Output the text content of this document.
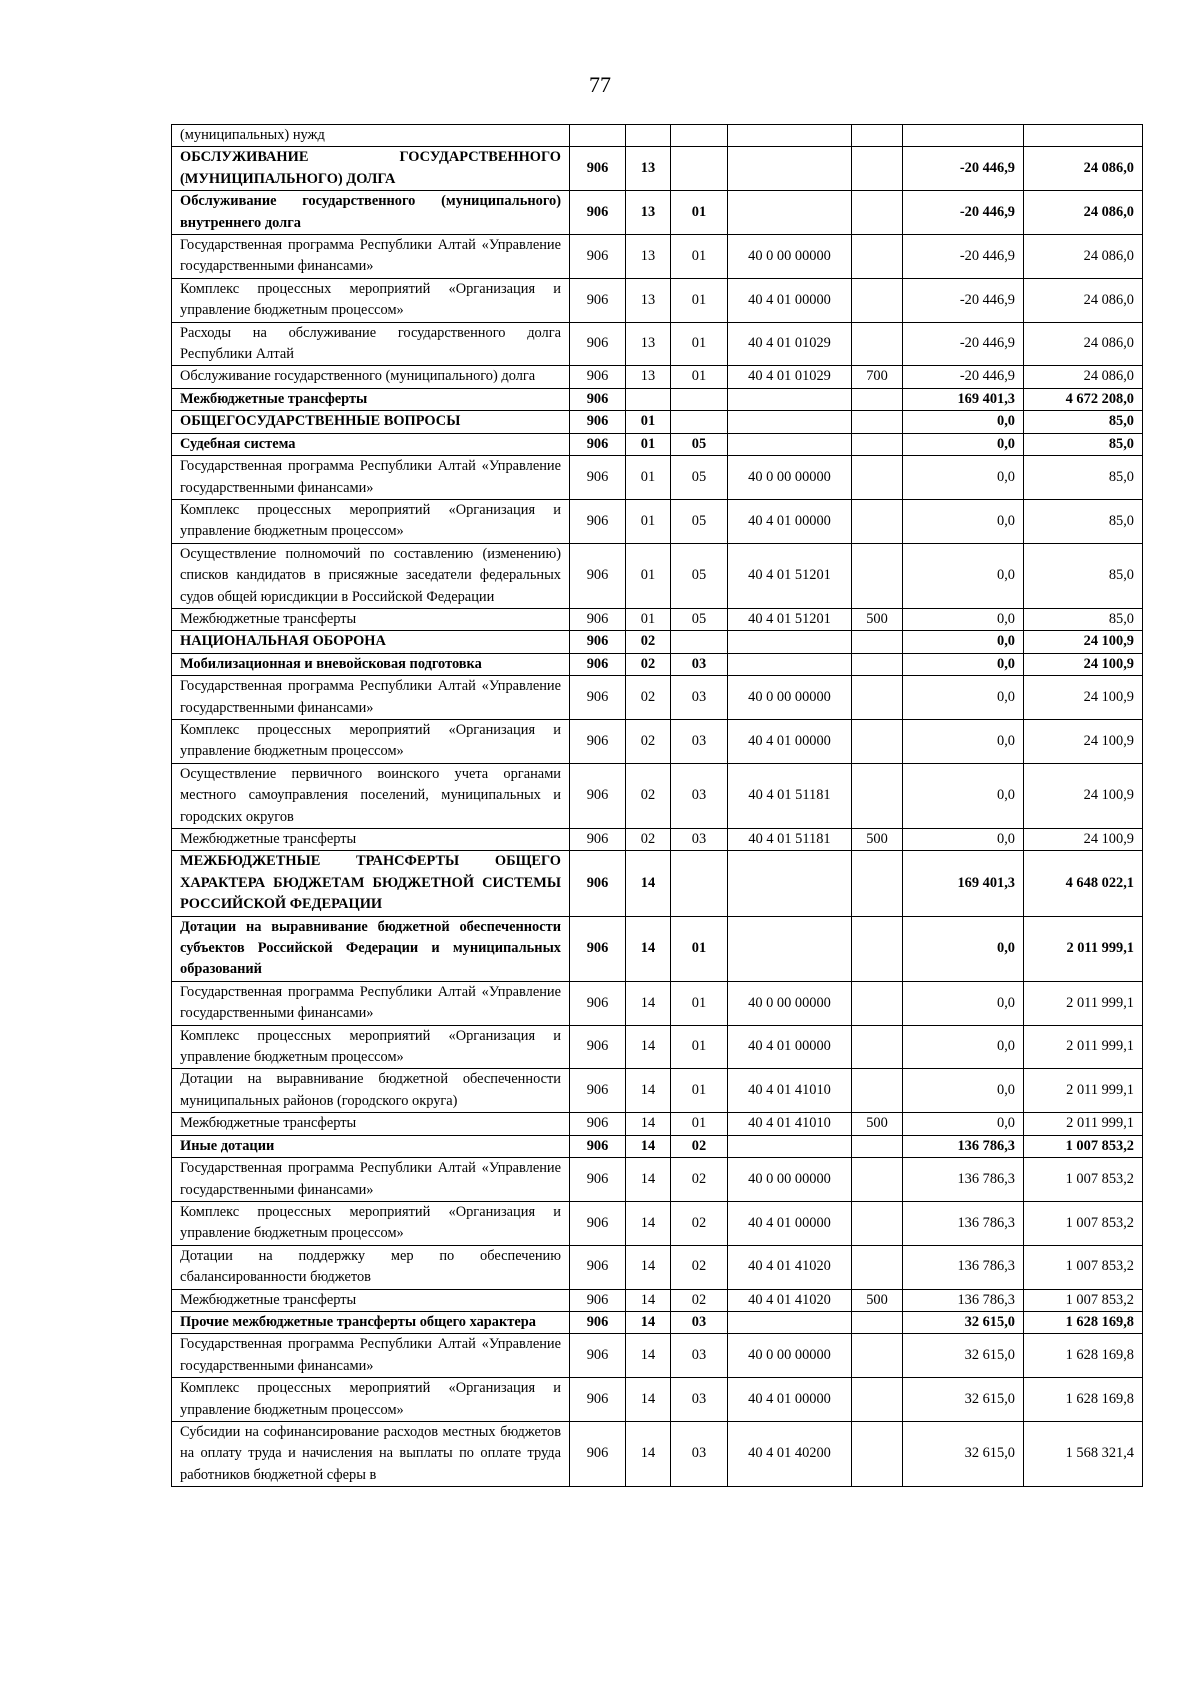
77
(муниципальных) нужд							
ОБСЛУЖИВАНИЕ ГОСУДАРСТВЕННОГО (МУНИЦИПАЛЬНОГО) ДОЛГА	906	13				-20 446,9	24 086,0
Обслуживание государственного (муниципального) внутреннего долга	906	13	01			-20 446,9	24 086,0
Государственная программа Республики Алтай «Управление государственными финансами»	906	13	01	40 0 00 00000		-20 446,9	24 086,0
Комплекс процессных мероприятий «Организация и управление бюджетным процессом»	906	13	01	40 4 01 00000		-20 446,9	24 086,0
Расходы на обслуживание государственного долга Республики Алтай	906	13	01	40 4 01 01029		-20 446,9	24 086,0
Обслуживание государственного (муниципального) долга	906	13	01	40 4 01 01029	700	-20 446,9	24 086,0
Межбюджетные трансферты	906					169 401,3	4 672 208,0
ОБЩЕГОСУДАРСТВЕННЫЕ ВОПРОСЫ	906	01				0,0	85,0
Судебная система	906	01	05			0,0	85,0
Государственная программа Республики Алтай «Управление государственными финансами»	906	01	05	40 0 00 00000		0,0	85,0
Комплекс процессных мероприятий «Организация и управление бюджетным процессом»	906	01	05	40 4 01 00000		0,0	85,0
Осуществление полномочий по составлению (изменению) списков кандидатов в присяжные заседатели федеральных судов общей юрисдикции в Российской Федерации	906	01	05	40 4 01 51201		0,0	85,0
Межбюджетные трансферты	906	01	05	40 4 01 51201	500	0,0	85,0
НАЦИОНАЛЬНАЯ ОБОРОНА	906	02				0,0	24 100,9
Мобилизационная и вневойсковая подготовка	906	02	03			0,0	24 100,9
Государственная программа Республики Алтай «Управление государственными финансами»	906	02	03	40 0 00 00000		0,0	24 100,9
Комплекс процессных мероприятий «Организация и управление бюджетным процессом»	906	02	03	40 4 01 00000		0,0	24 100,9
Осуществление первичного воинского учета органами местного самоуправления поселений, муниципальных и городских округов	906	02	03	40 4 01 51181		0,0	24 100,9
Межбюджетные трансферты	906	02	03	40 4 01 51181	500	0,0	24 100,9
МЕЖБЮДЖЕТНЫЕ ТРАНСФЕРТЫ ОБЩЕГО ХАРАКТЕРА БЮДЖЕТАМ БЮДЖЕТНОЙ СИСТЕМЫ РОССИЙСКОЙ ФЕДЕРАЦИИ	906	14				169 401,3	4 648 022,1
Дотации на выравнивание бюджетной обеспеченности субъектов Российской Федерации и муниципальных образований	906	14	01			0,0	2 011 999,1
Государственная программа Республики Алтай «Управление государственными финансами»	906	14	01	40 0 00 00000		0,0	2 011 999,1
Комплекс процессных мероприятий «Организация и управление бюджетным процессом»	906	14	01	40 4 01 00000		0,0	2 011 999,1
Дотации на выравнивание бюджетной обеспеченности муниципальных районов (городского округа)	906	14	01	40 4 01 41010		0,0	2 011 999,1
Межбюджетные трансферты	906	14	01	40 4 01 41010	500	0,0	2 011 999,1
Иные дотации	906	14	02			136 786,3	1 007 853,2
Государственная программа Республики Алтай «Управление государственными финансами»	906	14	02	40 0 00 00000		136 786,3	1 007 853,2
Комплекс процессных мероприятий «Организация и управление бюджетным процессом»	906	14	02	40 4 01 00000		136 786,3	1 007 853,2
Дотации на поддержку мер по обеспечению сбалансированности бюджетов	906	14	02	40 4 01 41020		136 786,3	1 007 853,2
Межбюджетные трансферты	906	14	02	40 4 01 41020	500	136 786,3	1 007 853,2
Прочие межбюджетные трансферты общего характера	906	14	03			32 615,0	1 628 169,8
Государственная программа Республики Алтай «Управление государственными финансами»	906	14	03	40 0 00 00000		32 615,0	1 628 169,8
Комплекс процессных мероприятий «Организация и управление бюджетным процессом»	906	14	03	40 4 01 00000		32 615,0	1 628 169,8
Субсидии на софинансирование расходов местных бюджетов на оплату труда и начисления на выплаты по оплате труда работников бюджетной сферы в	906	14	03	40 4 01 40200		32 615,0	1 568 321,4
